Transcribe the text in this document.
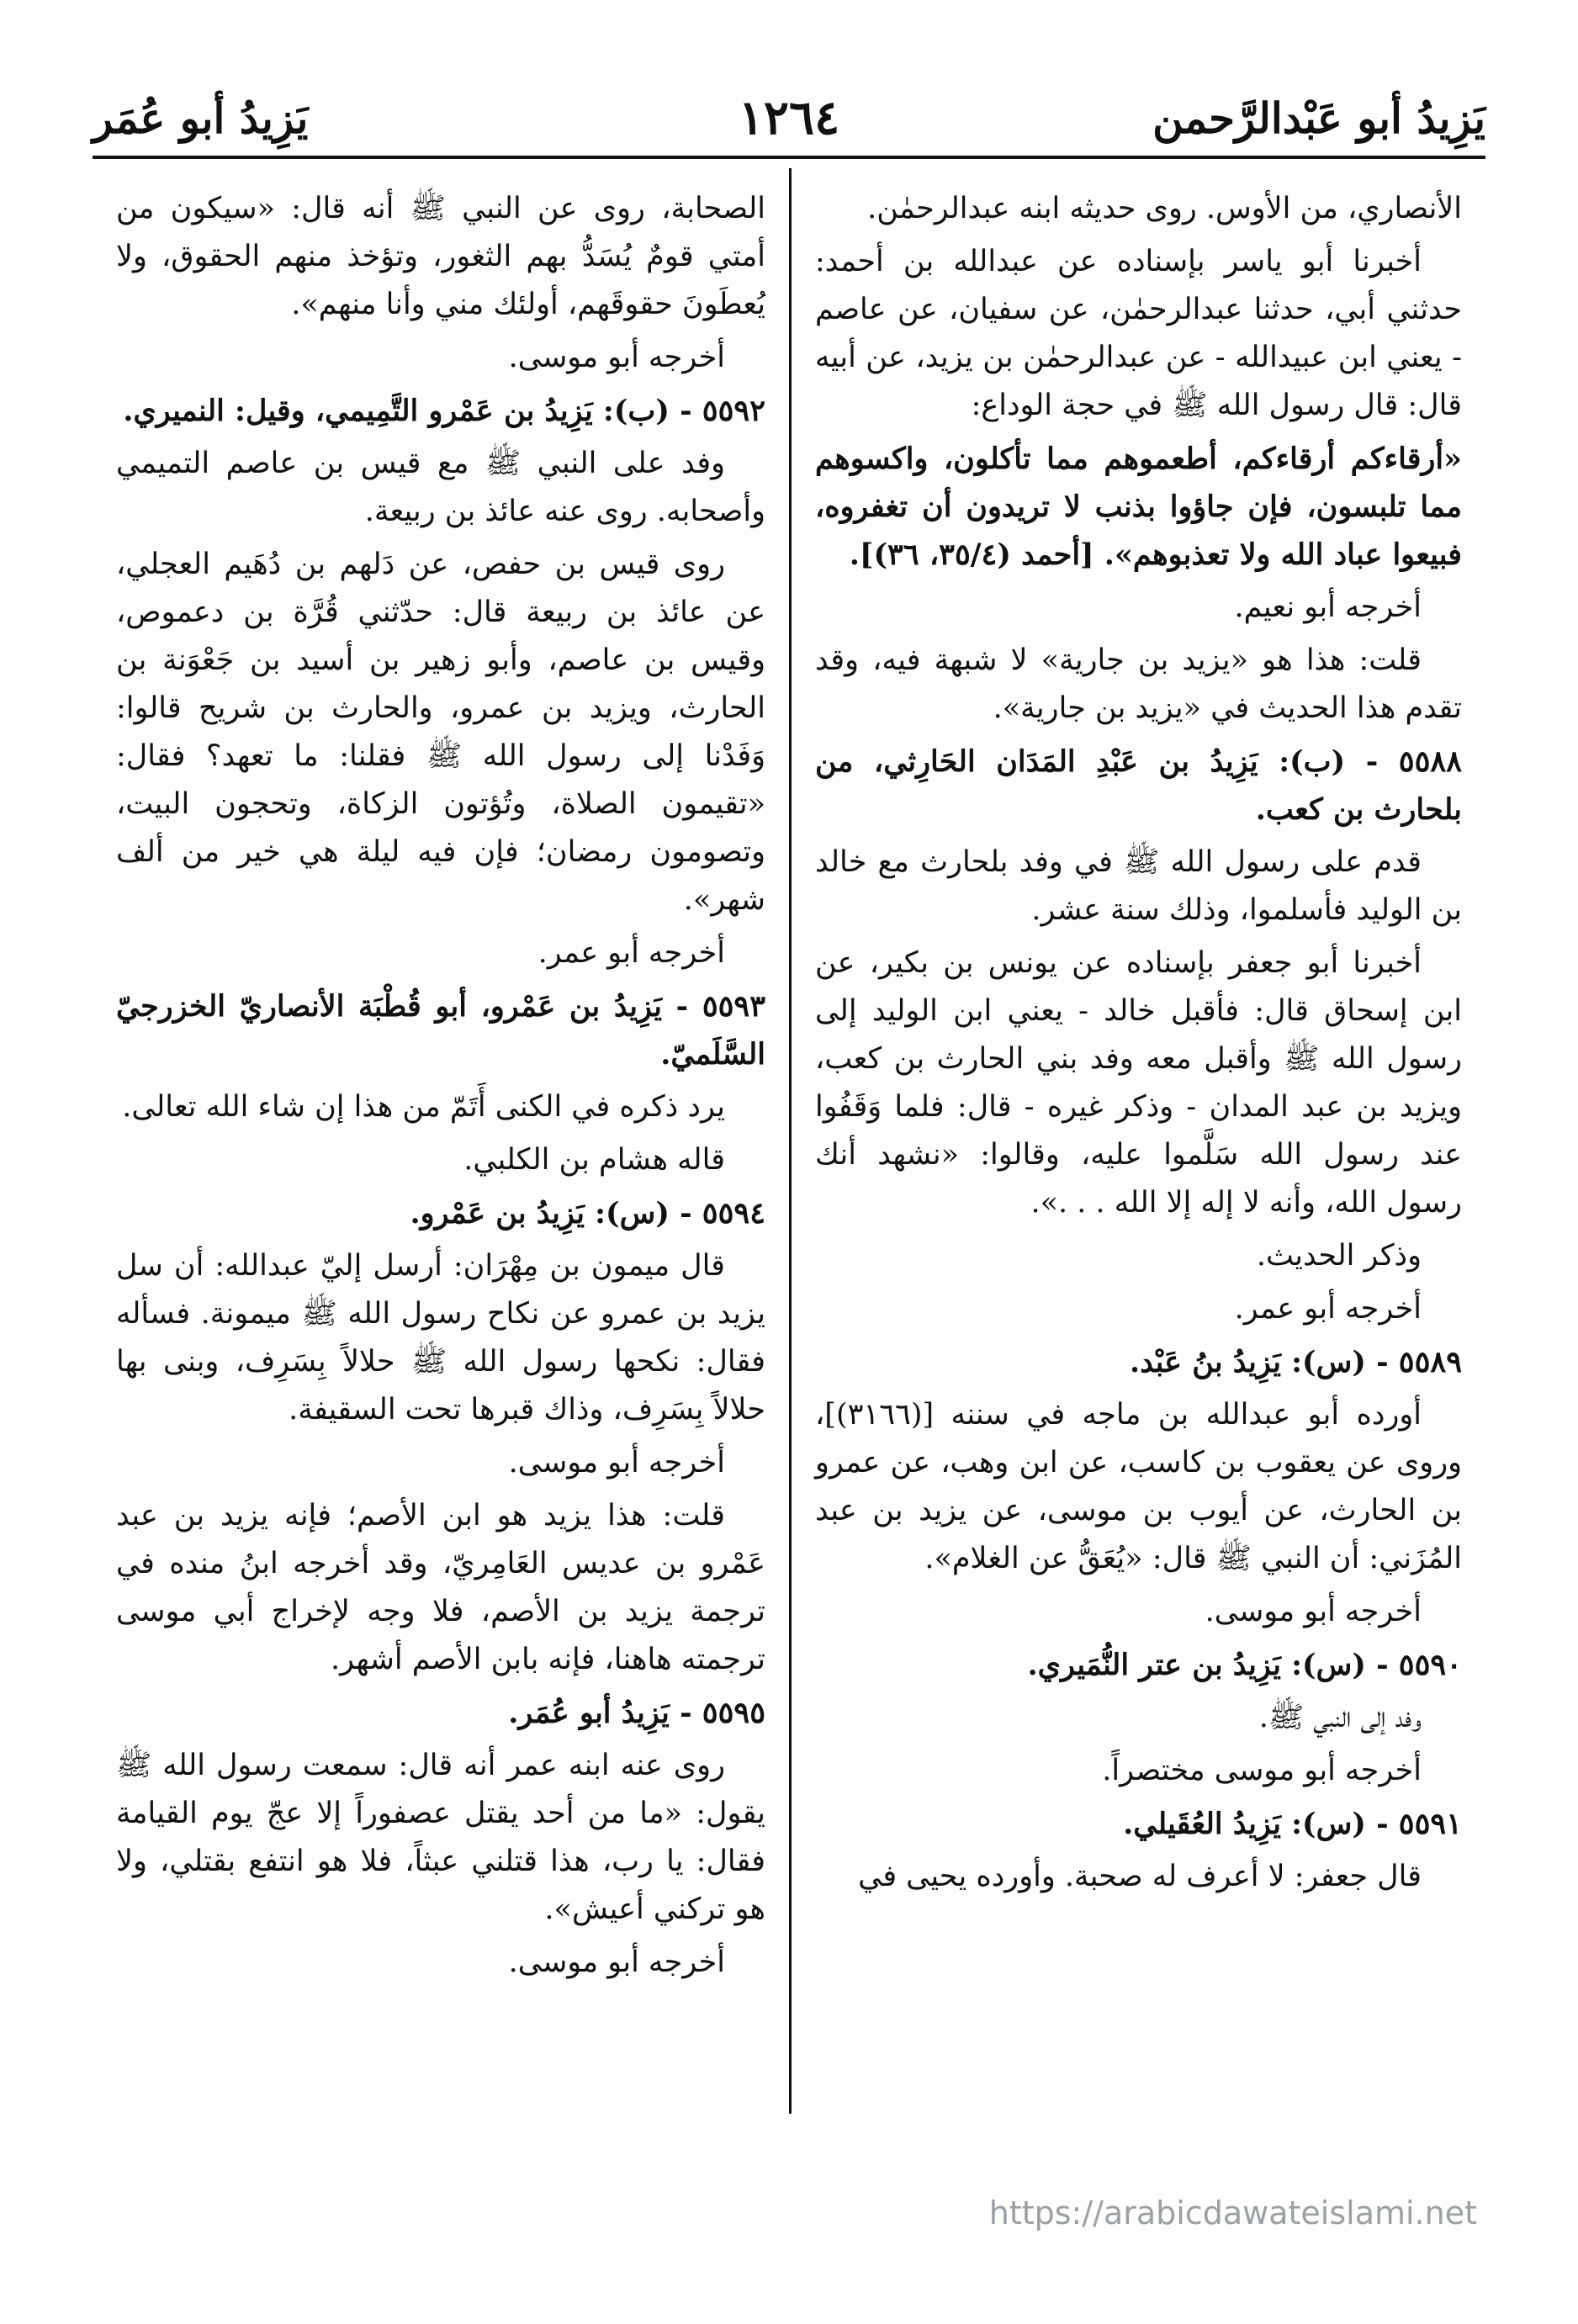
يَزِيدُ أبو عَبْدالرَّحمن
١٢٦٤
يَزِيدُ أبو عُمَر

الأنصاري، من الأوس. روى حديثه ابنه عبدالرحمٰن.

أخبرنا أبو ياسر بإسناده عن عبدالله بن أحمد: حدثني أبي، حدثنا عبدالرحمٰن، عن سفيان، عن عاصم - يعني ابن عبيدالله - عن عبدالرحمٰن بن يزيد، عن أبيه قال: قال رسول الله ﷺ في حجة الوداع:

«أرقاءكم أرقاءكم، أطعموهم مما تأكلون، واكسوهم مما تلبسون، فإن جاؤوا بذنب لا تريدون أن تغفروه، فبيعوا عباد الله ولا تعذبوهم». [أحمد (٣٥/٤، ٣٦)].

أخرجه أبو نعيم.

قلت: هذا هو «يزيد بن جارية» لا شبهة فيه، وقد تقدم هذا الحديث في «يزيد بن جارية».

٥٥٨٨ - (ب): يَزِيدُ بن عَبْدِ المَدَان الحَارِثي، من بلحارث بن كعب.

قدم على رسول الله ﷺ في وفد بلحارث مع خالد بن الوليد فأسلموا، وذلك سنة عشر.

أخبرنا أبو جعفر بإسناده عن يونس بن بكير، عن ابن إسحاق قال: فأقبل خالد - يعني ابن الوليد إلى رسول الله ﷺ وأقبل معه وفد بني الحارث بن كعب، ويزيد بن عبد المدان - وذكر غيره - قال: فلما وَقَفُوا عند رسول الله سَلَّموا عليه، وقالوا: «نشهد أنك رسول الله، وأنه لا إله إلا الله . . .».

وذكر الحديث.

أخرجه أبو عمر.

٥٥٨٩ - (س): يَزِيدُ بنُ عَبْد.

أورده أبو عبدالله بن ماجه في سننه [(٣١٦٦)]، وروى عن يعقوب بن كاسب، عن ابن وهب، عن عمرو بن الحارث، عن أيوب بن موسى، عن يزيد بن عبد المُزَني: أن النبي ﷺ قال: «يُعَقُّ عن الغلام».

أخرجه أبو موسى.

٥٥٩٠ - (س): يَزِيدُ بن عتر النُّمَيري.

وفد إلى النبي ﷺ.

أخرجه أبو موسى مختصراً.

٥٥٩١ - (س): يَزِيدُ العُقَيلي.

قال جعفر: لا أعرف له صحبة. وأورده يحيى في

الصحابة، روى عن النبي ﷺ أنه قال: «سيكون من أمتي قومٌ يُسَدُّ بهم الثغور، وتؤخذ منهم الحقوق، ولا يُعطَونَ حقوقَهم، أولئك مني وأنا منهم».

أخرجه أبو موسى.

٥٥٩٢ - (ب): يَزِيدُ بن عَمْرو التَّمِيمي، وقيل: النميري.

وفد على النبي ﷺ مع قيس بن عاصم التميمي وأصحابه. روى عنه عائذ بن ربيعة.

روى قيس بن حفص، عن دَلهم بن دُهَيم العجلي، عن عائذ بن ربيعة قال: حدّثني قُرَّة بن دعموص، وقيس بن عاصم، وأبو زهير بن أسيد بن جَعْوَنة بن الحارث، ويزيد بن عمرو، والحارث بن شريح قالوا: وَفَدْنا إلى رسول الله ﷺ فقلنا: ما تعهد؟ فقال: «تقيمون الصلاة، وتُؤتون الزكاة، وتحجون البيت، وتصومون رمضان؛ فإن فيه ليلة هي خير من ألف شهر».

أخرجه أبو عمر.

٥٥٩٣ - يَزِيدُ بن عَمْرو، أبو قُطْبَة الأنصاريّ الخزرجيّ السَّلَميّ.

يرد ذكره في الكنى أَتَمّ من هذا إن شاء الله تعالى.

قاله هشام بن الكلبي.

٥٥٩٤ - (س): يَزِيدُ بن عَمْرو.

قال ميمون بن مِهْرَان: أرسل إليّ عبدالله: أن سل يزيد بن عمرو عن نكاح رسول الله ﷺ ميمونة. فسأله فقال: نكحها رسول الله ﷺ حلالاً بِسَرِف، وبنى بها حلالاً بِسَرِف، وذاك قبرها تحت السقيفة.

أخرجه أبو موسى.

قلت: هذا يزيد هو ابن الأصم؛ فإنه يزيد بن عبد عَمْرو بن عديس العَامِريّ، وقد أخرجه ابنُ منده في ترجمة يزيد بن الأصم، فلا وجه لإخراج أبي موسى ترجمته هاهنا، فإنه بابن الأصم أشهر.

٥٥٩٥ - يَزِيدُ أبو عُمَر.

روى عنه ابنه عمر أنه قال: سمعت رسول الله ﷺ يقول: «ما من أحد يقتل عصفوراً إلا عجّ يوم القيامة فقال: يا رب، هذا قتلني عبثاً، فلا هو انتفع بقتلي، ولا هو تركني أعيش».

أخرجه أبو موسى.

https://arabicdawateislami.net
